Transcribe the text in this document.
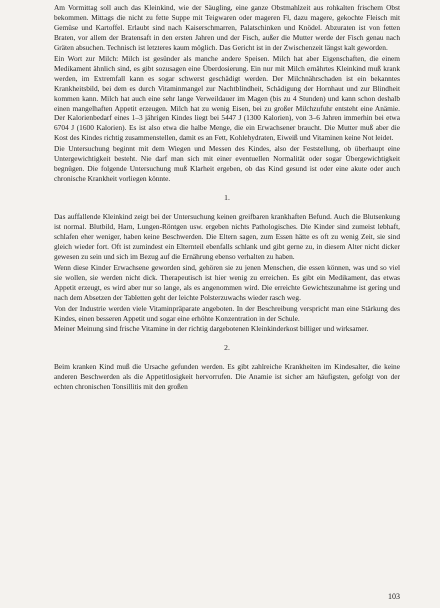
Am Vormittag soll auch das Kleinkind, wie der Säugling, eine ganze Obstmahlzeit aus rohkalten frischem Obst bekommen. Mittags die nicht zu fette Suppe mit Teigwaren oder mageren Fl, dazu magere, gekochte Fleisch mit Gemüse und Kartoffel. Erlaubt sind nach Kaiserschmarren, Palatschinken und Knödel. Abzuraten ist von fetten Braten, vor allem der Bratensaft in den ersten Jahren und der Fisch, außer die Mutter werde der Fisch genau nach Gräten absuchen. Technisch ist letzteres kaum möglich. Das Gericht ist in der Zwischenzeit längst kalt geworden.

Ein Wort zur Milch: Milch ist gesünder als manche andere Speisen. Milch hat aber Eigenschaften, die einem Medikament ähnlich sind, es gibt sozusagen eine Überdosierung. Ein nur mit Milch ernährtes Kleinkind muß krank werden, im Extremfall kann es sogar schwerst geschädigt werden. Der Milchnährschaden ist ein bekanntes Krankheitsbild, bei dem es durch Vitaminmangel zur Nachtblindheit, Schädigung der Hornhaut und zur Blindheit kommen kann. Milch hat auch eine sehr lange Verweildauer im Magen (bis zu 4 Stunden) und kann schon deshalb einen mangelhaften Appetit erzeugen. Milch hat zu wenig Eisen, bei zu großer Milchzufuhr entsteht eine Anämie. Der Kalorienbedarf eines 1–3 jährigen Kindes liegt bei 5447 J (1300 Kalorien), von 3–6 Jahren immerhin bei etwa 6704 J (1600 Kalorien). Es ist also etwa die halbe Menge, die ein Erwachsener braucht. Die Mutter muß aber die Kost des Kindes richtig zusammenstellen, damit es an Fett, Kohlehydraten, Eiweiß und Vitaminen keine Not leidet.

Die Untersuchung beginnt mit dem Wiegen und Messen des Kindes, also der Feststellung, ob überhaupt eine Untergewichtigkeit besteht. Nie darf man sich mit einer eventuellen Normalität oder sogar Übergewichtigkeit begnügen. Die folgende Untersuchung muß Klarheit ergeben, ob das Kind gesund ist oder eine akute oder auch chronische Krankheit vorliegen könnte.

1.

Das auffallende Kleinkind zeigt bei der Untersuchung keinen greifbaren krankhaften Befund. Auch die Blutsenkung ist normal. Blutbild, Harn, Lungen-Röntgen usw. ergeben nichts Pathologisches. Die Kinder sind zumeist lebhaft, schlafen eher weniger, haben keine Beschwerden. Die Eltern sagen, zum Essen hätte es oft zu wenig Zeit, sie sind gleich wieder fort. Oft ist zumindest ein Elternteil ebenfalls schlank und gibt gerne zu, in diesem Alter nicht dicker gewesen zu sein und sich im Bezug auf die Ernährung ebenso verhalten zu haben.

Wenn diese Kinder Erwachsene geworden sind, gehören sie zu jenen Menschen, die essen können, was und so viel sie wollen, sie werden nicht dick. Therapeutisch ist hier wenig zu erreichen. Es gibt ein Medikament, das etwas Appetit erzeugt, es wird aber nur so lange, als es angenommen wird. Die erreichte Gewichtszunahme ist gering und nach dem Absetzen der Tabletten geht der leichte Polsterzuwachs wieder rasch weg.

Von der Industrie werden viele Vitaminpräparate angeboten. In der Beschreibung verspricht man eine Stärkung des Kindes, einen besseren Appetit und sogar eine erhöhte Konzentration in der Schule.
Meiner Meinung sind frische Vitamine in der richtig dargebotenen Kleinkinderkost billiger und wirksamer.

2.

Beim kranken Kind muß die Ursache gefunden werden. Es gibt zahlreiche Krankheiten im Kindesalter, die keine anderen Beschwerden als die Appetitlosigkeit hervorrufen. Die Anamie ist sicher am häufigsten, gefolgt von der echten chronischen Tonsillitis mit den großen

103
